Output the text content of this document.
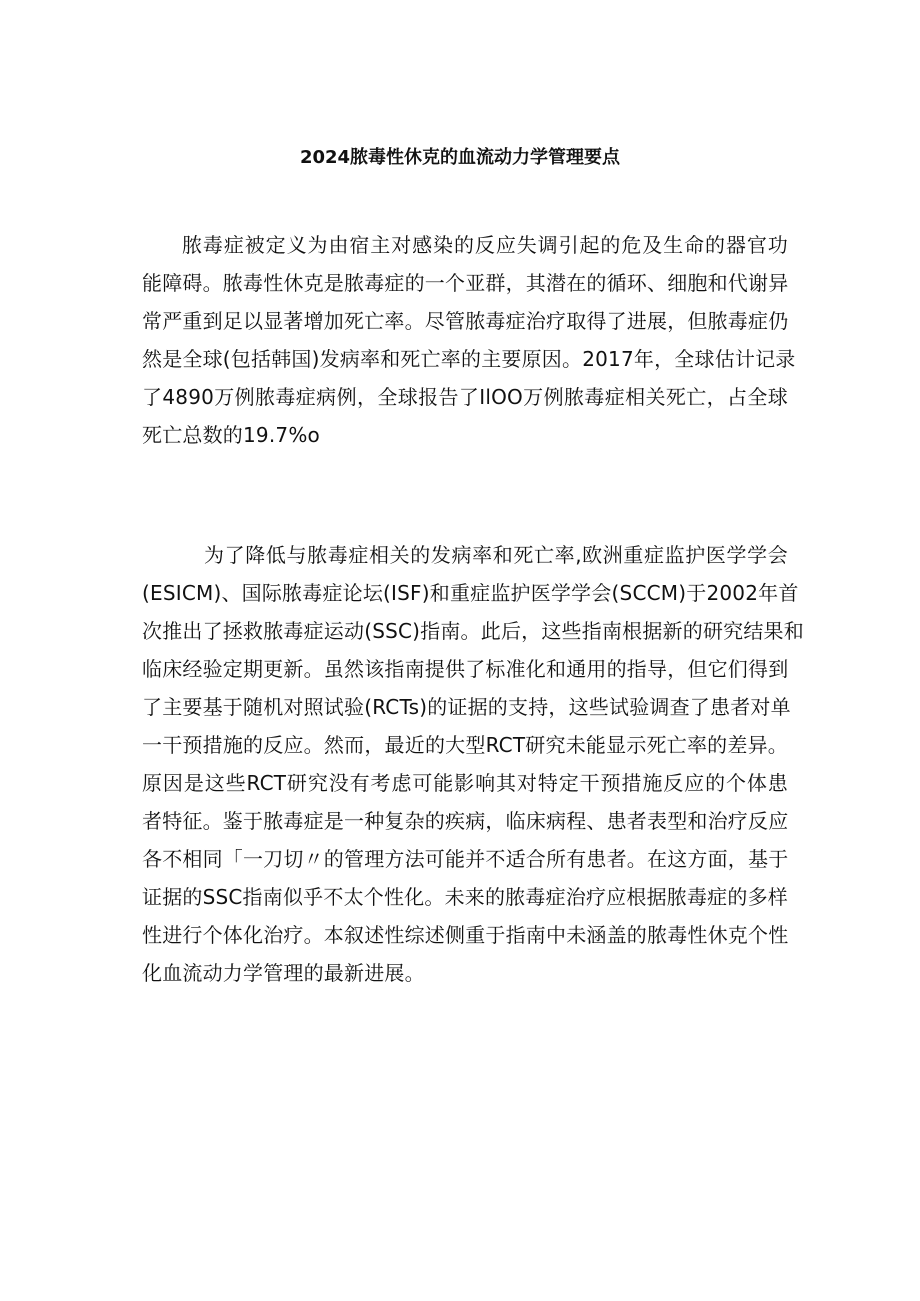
2024脓毒性休克的血流动力学管理要点

脓毒症被定义为由宿主对感染的反应失调引起的危及生命的器官功
能障碍。脓毒性休克是脓毒症的一个亚群，其潜在的循环、细胞和代谢异
常严重到足以显著增加死亡率。尽管脓毒症治疗取得了进展，但脓毒症仍
然是全球(包括韩国)发病率和死亡率的主要原因。2017年，全球估计记录
了4890万例脓毒症病例，全球报告了IlOO万例脓毒症相关死亡，占全球
死亡总数的19.7%o

为了降低与脓毒症相关的发病率和死亡率,欧洲重症监护医学学会
(ESICM)、国际脓毒症论坛(ISF)和重症监护医学学会(SCCM)于2002年首
次推出了拯救脓毒症运动(SSC)指南。此后，这些指南根据新的研究结果和
临床经验定期更新。虽然该指南提供了标准化和通用的指导，但它们得到
了主要基于随机对照试验(RCTs)的证据的支持，这些试验调查了患者对单
一干预措施的反应。然而，最近的大型RCT研究未能显示死亡率的差异。
原因是这些RCT研究没有考虑可能影响其对特定干预措施反应的个体患
者特征。鉴于脓毒症是一种复杂的疾病，临床病程、患者表型和治疗反应
各不相同「一刀切〃的管理方法可能并不适合所有患者。在这方面，基于
证据的SSC指南似乎不太个性化。未来的脓毒症治疗应根据脓毒症的多样
性进行个体化治疗。本叙述性综述侧重于指南中未涵盖的脓毒性休克个性
化血流动力学管理的最新进展。
